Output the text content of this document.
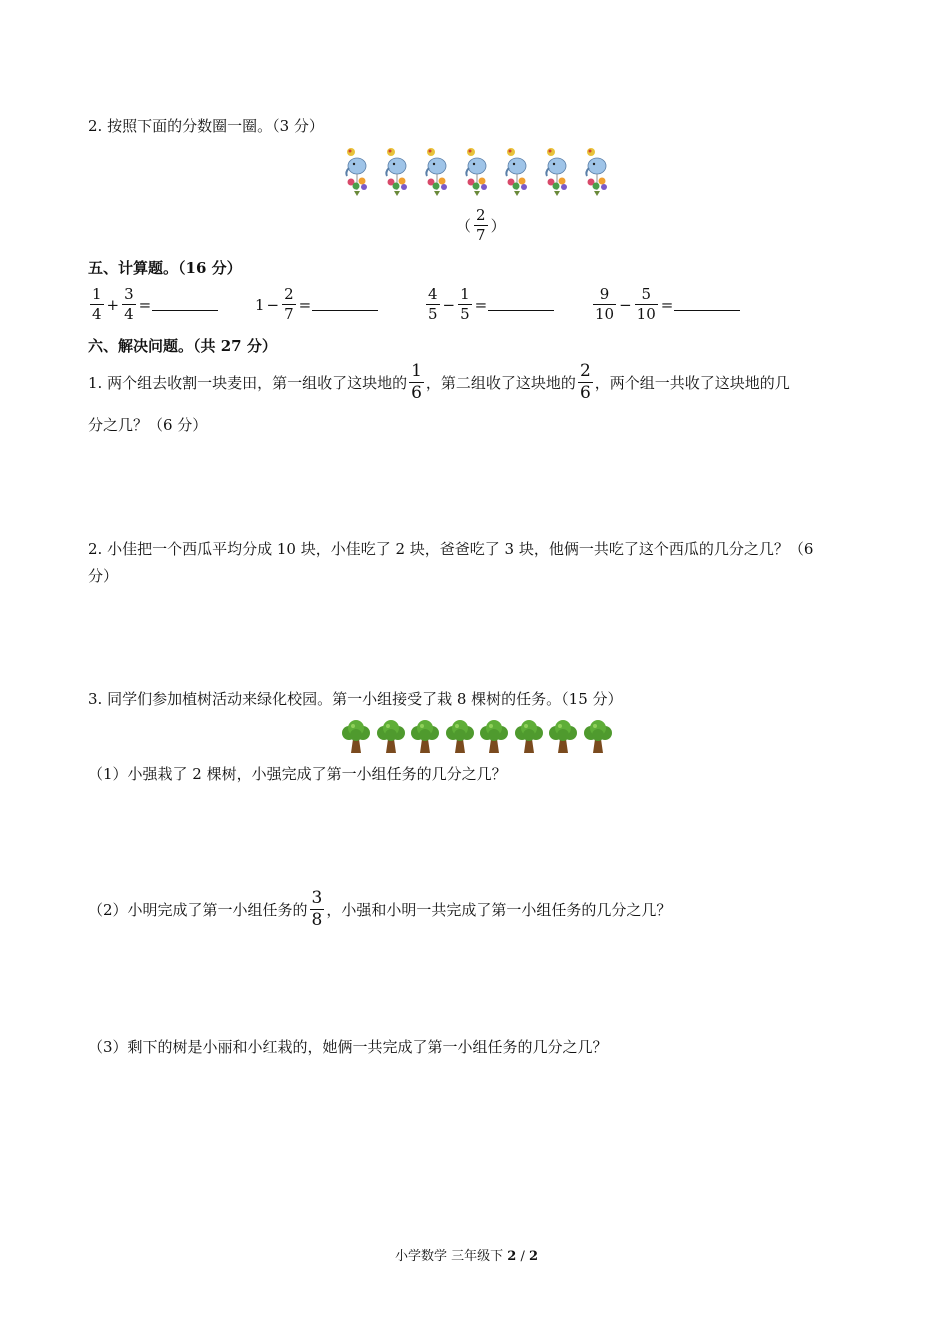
2. 按照下面的分数圈一圈。（3 分）
（ $\frac{2}{7}$ ）
五、计算题。（16 分）
$\frac{1}{4} + \frac{3}{4}$ =	$1 - \frac{2}{7}$ =	$\frac{4}{5} - \frac{1}{5}$ =	$\frac{9}{10} - \frac{5}{10}$ =
六、解决问题。（共 27 分）
1. 两个组去收割一块麦田，第一组收了这块地的 $\frac{1}{6}$ ，第二组收了这块地的 $\frac{2}{6}$ ，两个组一共收了这块地的几
分之几？（6 分）
2. 小佳把一个西瓜平均分成 10 块，小佳吃了 2 块，爸爸吃了 3 块，他俩一共吃了这个西瓜的几分之几？（6
分）
3. 同学们参加植树活动来绿化校园。第一小组接受了栽 8 棵树的任务。（15 分）
（1）小强栽了 2 棵树，小强完成了第一小组任务的几分之几？
（2）小明完成了第一小组任务的 $\frac{3}{8}$ ，小强和小明一共完成了第一小组任务的几分之几？
（3）剩下的树是小丽和小红栽的，她俩一共完成了第一小组任务的几分之几？
小学数学 三年级下 2 / 2
